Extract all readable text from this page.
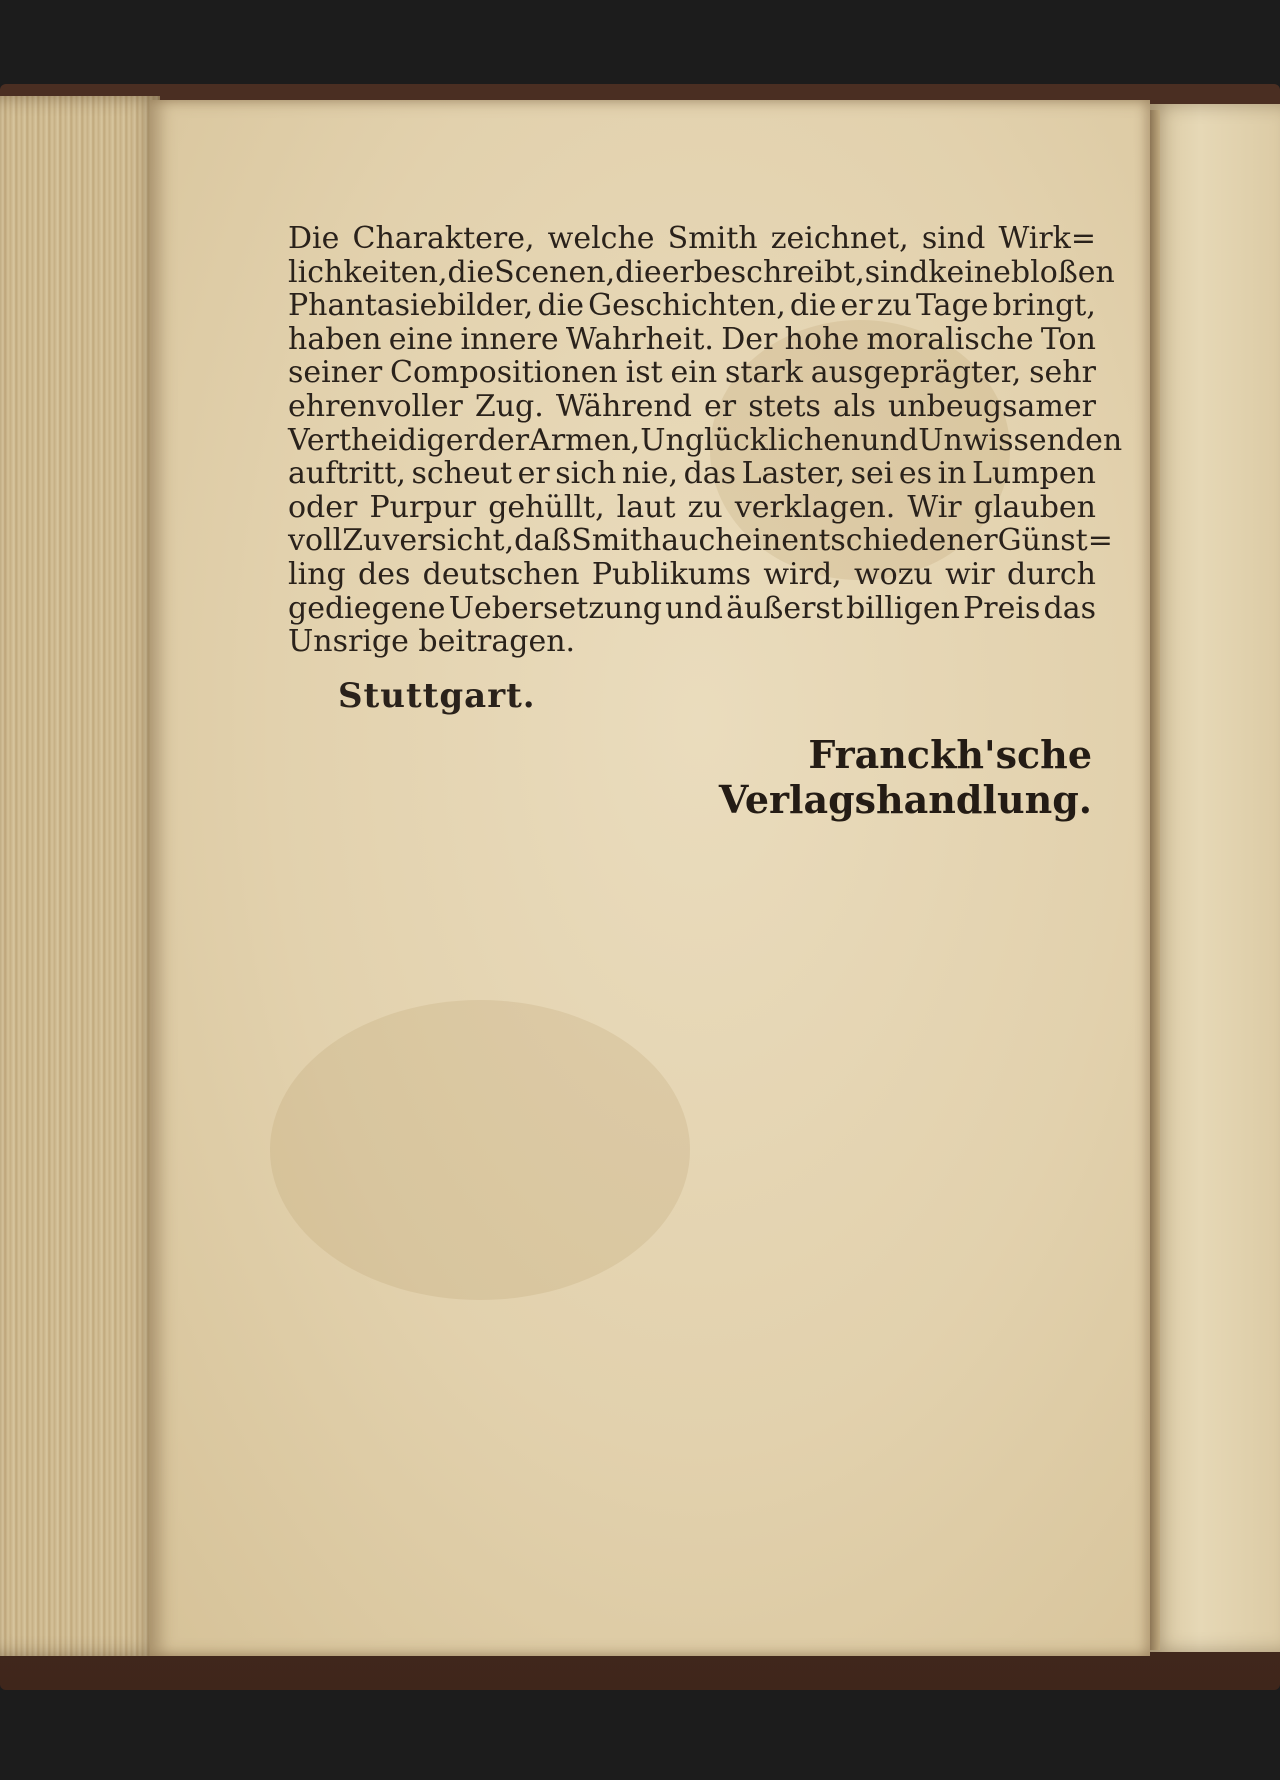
Die Charaktere, welche Smith zeichnet, sind Wirk=
lichkeiten, die Scenen, die er beschreibt, sind keine bloßen
Phantasiebilder, die Geschichten, die er zu Tage bringt,
haben eine innere Wahrheit. Der hohe moralische Ton
seiner Compositionen ist ein stark ausgeprägter, sehr
ehrenvoller Zug. Während er stets als unbeugsamer
Vertheidiger der Armen, Unglücklichen und Unwissenden
auftritt, scheut er sich nie, das Laster, sei es in Lumpen
oder Purpur gehüllt, laut zu verklagen. Wir glauben
voll Zuversicht, daß Smith auch ein entschiedener Günst=
ling des deutschen Publikums wird, wozu wir durch
gediegene Uebersetzung und äußerst billigen Preis das
Unsrige beitragen.
Stuttgart.
Franckh'sche Verlagshandlung.
